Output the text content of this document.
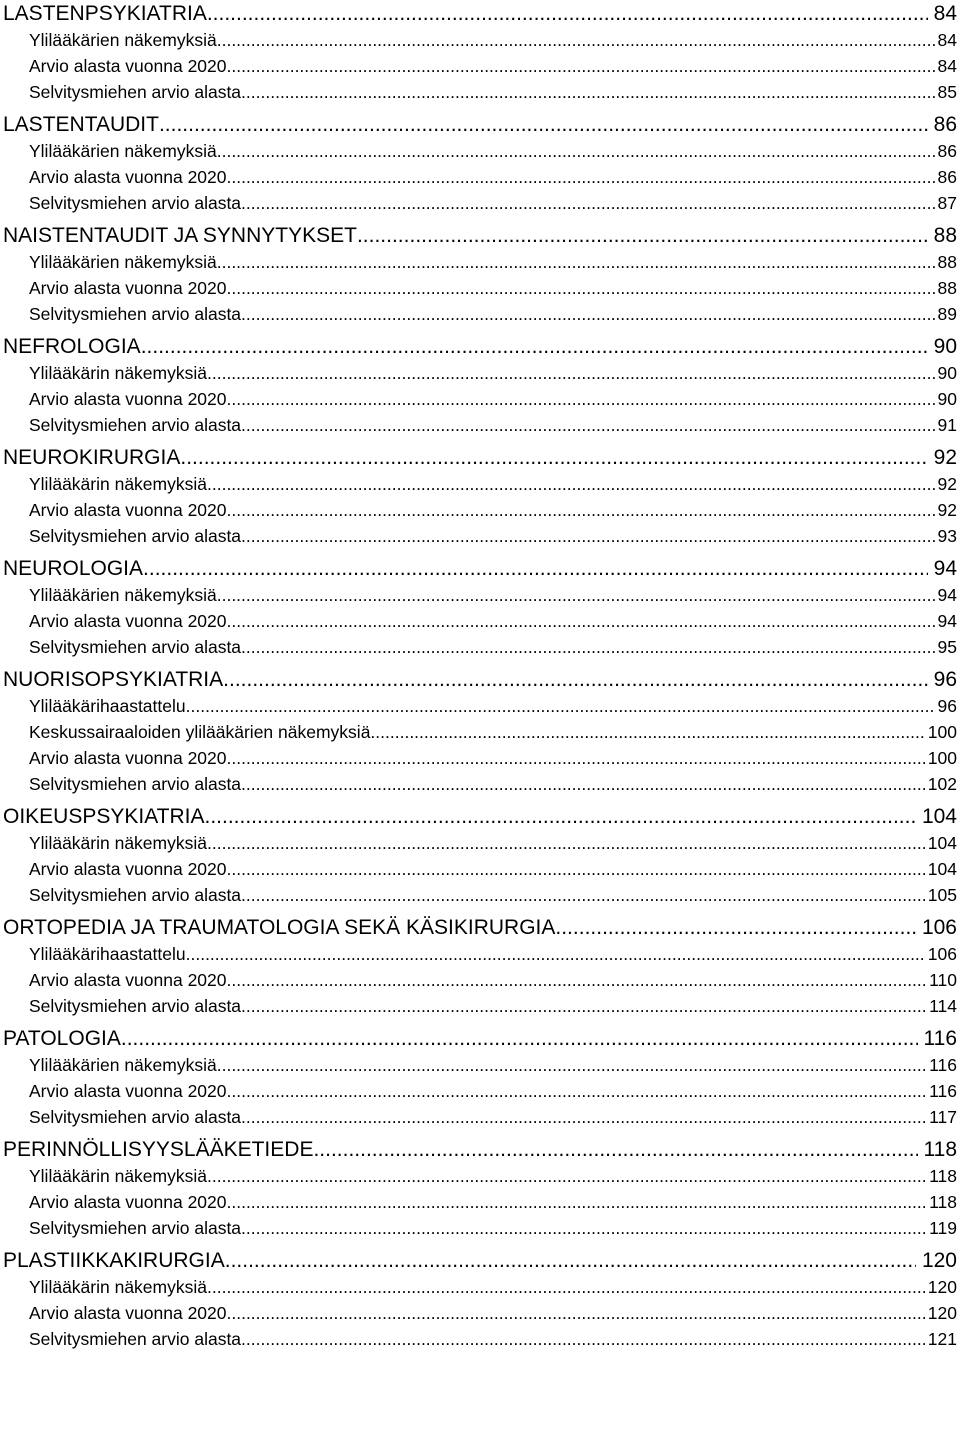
LASTENPSYKIATRIA .....	84
Ylilääkärien näkemyksiä .....	84
Arvio alasta vuonna 2020 .....	84
Selvitysmiehen arvio alasta .....	85
LASTENTAUDIT .....	86
Ylilääkärien näkemyksiä .....	86
Arvio alasta vuonna 2020 .....	86
Selvitysmiehen arvio alasta .....	87
NAISTENTAUDIT JA SYNNYTYKSET .....	88
Ylilääkärien näkemyksiä .....	88
Arvio alasta vuonna 2020 .....	88
Selvitysmiehen arvio alasta .....	89
NEFROLOGIA .....	90
Ylilääkärin näkemyksiä .....	90
Arvio alasta vuonna 2020 .....	90
Selvitysmiehen arvio alasta .....	91
NEUROKIRURGIA .....	92
Ylilääkärin näkemyksiä .....	92
Arvio alasta vuonna 2020 .....	92
Selvitysmiehen arvio alasta .....	93
NEUROLOGIA .....	94
Ylilääkärien näkemyksiä .....	94
Arvio alasta vuonna 2020 .....	94
Selvitysmiehen arvio alasta .....	95
NUORISOPSYKIATRIA .....	96
Ylilääkärihaastattelu .....	96
Keskussairaaloiden ylilääkärien näkemyksiä .....	100
Arvio alasta vuonna 2020 .....	100
Selvitysmiehen arvio alasta .....	102
OIKEUSPSYKIATRIA .....	104
Ylilääkärin näkemyksiä .....	104
Arvio alasta vuonna 2020 .....	104
Selvitysmiehen arvio alasta .....	105
ORTOPEDIA JA TRAUMATOLOGIA SEKÄ KÄSIKIRURGIA .....	106
Ylilääkärihaastattelu .....	106
Arvio alasta vuonna 2020 .....	110
Selvitysmiehen arvio alasta .....	114
PATOLOGIA .....	116
Ylilääkärien näkemyksiä .....	116
Arvio alasta vuonna 2020 .....	116
Selvitysmiehen arvio alasta .....	117
PERINNÖLLISYYSLÄÄKETIEDE .....	118
Ylilääkärin näkemyksiä .....	118
Arvio alasta vuonna 2020 .....	118
Selvitysmiehen arvio alasta .....	119
PLASTIIKKAKIRURGIA .....	120
Ylilääkärin näkemyksiä .....	120
Arvio alasta vuonna 2020 .....	120
Selvitysmiehen arvio alasta .....	121
